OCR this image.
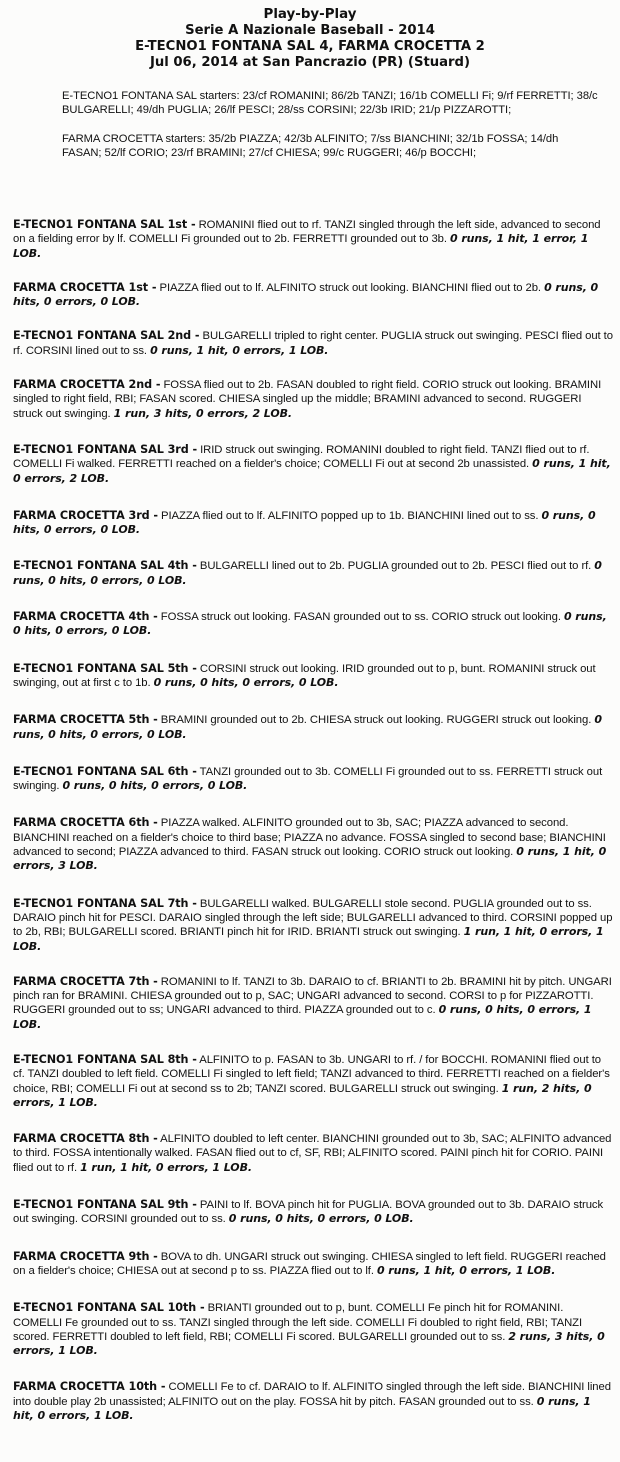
Play-by-Play
Serie A Nazionale Baseball - 2014
E-TECNO1 FONTANA SAL 4, FARMA CROCETTA 2
Jul 06, 2014 at San Pancrazio (PR) (Stuard)
E-TECNO1 FONTANA SAL starters: 23/cf ROMANINI; 86/2b TANZI; 16/1b COMELLI Fi; 9/rf FERRETTI; 38/c BULGARELLI; 49/dh PUGLIA; 26/lf PESCI; 28/ss CORSINI; 22/3b IRID; 21/p PIZZAROTTI;
FARMA CROCETTA starters: 35/2b PIAZZA; 42/3b ALFINITO; 7/ss BIANCHINI; 32/1b FOSSA; 14/dh FASAN; 52/lf CORIO; 23/rf BRAMINI; 27/cf CHIESA; 99/c RUGGERI; 46/p BOCCHI;
E-TECNO1 FONTANA SAL 1st - ROMANINI flied out to rf. TANZI singled through the left side, advanced to second on a fielding error by lf. COMELLI Fi grounded out to 2b. FERRETTI grounded out to 3b. 0 runs, 1 hit, 1 error, 1 LOB.
FARMA CROCETTA 1st - PIAZZA flied out to lf. ALFINITO struck out looking. BIANCHINI flied out to 2b. 0 runs, 0 hits, 0 errors, 0 LOB.
E-TECNO1 FONTANA SAL 2nd - BULGARELLI tripled to right center. PUGLIA struck out swinging. PESCI flied out to rf. CORSINI lined out to ss. 0 runs, 1 hit, 0 errors, 1 LOB.
FARMA CROCETTA 2nd - FOSSA flied out to 2b. FASAN doubled to right field. CORIO struck out looking. BRAMINI singled to right field, RBI; FASAN scored. CHIESA singled up the middle; BRAMINI advanced to second. RUGGERI struck out swinging. 1 run, 3 hits, 0 errors, 2 LOB.
E-TECNO1 FONTANA SAL 3rd - IRID struck out swinging. ROMANINI doubled to right field. TANZI flied out to rf. COMELLI Fi walked. FERRETTI reached on a fielder's choice; COMELLI Fi out at second 2b unassisted. 0 runs, 1 hit, 0 errors, 2 LOB.
FARMA CROCETTA 3rd - PIAZZA flied out to lf. ALFINITO popped up to 1b. BIANCHINI lined out to ss. 0 runs, 0 hits, 0 errors, 0 LOB.
E-TECNO1 FONTANA SAL 4th - BULGARELLI lined out to 2b. PUGLIA grounded out to 2b. PESCI flied out to rf. 0 runs, 0 hits, 0 errors, 0 LOB.
FARMA CROCETTA 4th - FOSSA struck out looking. FASAN grounded out to ss. CORIO struck out looking. 0 runs, 0 hits, 0 errors, 0 LOB.
E-TECNO1 FONTANA SAL 5th - CORSINI struck out looking. IRID grounded out to p, bunt. ROMANINI struck out swinging, out at first c to 1b. 0 runs, 0 hits, 0 errors, 0 LOB.
FARMA CROCETTA 5th - BRAMINI grounded out to 2b. CHIESA struck out looking. RUGGERI struck out looking. 0 runs, 0 hits, 0 errors, 0 LOB.
E-TECNO1 FONTANA SAL 6th - TANZI grounded out to 3b. COMELLI Fi grounded out to ss. FERRETTI struck out swinging. 0 runs, 0 hits, 0 errors, 0 LOB.
FARMA CROCETTA 6th - PIAZZA walked. ALFINITO grounded out to 3b, SAC; PIAZZA advanced to second. BIANCHINI reached on a fielder's choice to third base; PIAZZA no advance. FOSSA singled to second base; BIANCHINI advanced to second; PIAZZA advanced to third. FASAN struck out looking. CORIO struck out looking. 0 runs, 1 hit, 0 errors, 3 LOB.
E-TECNO1 FONTANA SAL 7th - BULGARELLI walked. BULGARELLI stole second. PUGLIA grounded out to ss. DARAIO pinch hit for PESCI. DARAIO singled through the left side; BULGARELLI advanced to third. CORSINI popped up to 2b, RBI; BULGARELLI scored. BRIANTI pinch hit for IRID. BRIANTI struck out swinging. 1 run, 1 hit, 0 errors, 1 LOB.
FARMA CROCETTA 7th - ROMANINI to lf. TANZI to 3b. DARAIO to cf. BRIANTI to 2b. BRAMINI hit by pitch. UNGARI pinch ran for BRAMINI. CHIESA grounded out to p, SAC; UNGARI advanced to second. CORSI to p for PIZZAROTTI. RUGGERI grounded out to ss; UNGARI advanced to third. PIAZZA grounded out to c. 0 runs, 0 hits, 0 errors, 1 LOB.
E-TECNO1 FONTANA SAL 8th - ALFINITO to p. FASAN to 3b. UNGARI to rf. / for BOCCHI. ROMANINI flied out to cf. TANZI doubled to left field. COMELLI Fi singled to left field; TANZI advanced to third. FERRETTI reached on a fielder's choice, RBI; COMELLI Fi out at second ss to 2b; TANZI scored. BULGARELLI struck out swinging. 1 run, 2 hits, 0 errors, 1 LOB.
FARMA CROCETTA 8th - ALFINITO doubled to left center. BIANCHINI grounded out to 3b, SAC; ALFINITO advanced to third. FOSSA intentionally walked. FASAN flied out to cf, SF, RBI; ALFINITO scored. PAINI pinch hit for CORIO. PAINI flied out to rf. 1 run, 1 hit, 0 errors, 1 LOB.
E-TECNO1 FONTANA SAL 9th - PAINI to lf. BOVA pinch hit for PUGLIA. BOVA grounded out to 3b. DARAIO struck out swinging. CORSINI grounded out to ss. 0 runs, 0 hits, 0 errors, 0 LOB.
FARMA CROCETTA 9th - BOVA to dh. UNGARI struck out swinging. CHIESA singled to left field. RUGGERI reached on a fielder's choice; CHIESA out at second p to ss. PIAZZA flied out to lf. 0 runs, 1 hit, 0 errors, 1 LOB.
E-TECNO1 FONTANA SAL 10th - BRIANTI grounded out to p, bunt. COMELLI Fe pinch hit for ROMANINI. COMELLI Fe grounded out to ss. TANZI singled through the left side. COMELLI Fi doubled to right field, RBI; TANZI scored. FERRETTI doubled to left field, RBI; COMELLI Fi scored. BULGARELLI grounded out to ss. 2 runs, 3 hits, 0 errors, 1 LOB.
FARMA CROCETTA 10th - COMELLI Fe to cf. DARAIO to lf. ALFINITO singled through the left side. BIANCHINI lined into double play 2b unassisted; ALFINITO out on the play. FOSSA hit by pitch. FASAN grounded out to ss. 0 runs, 1 hit, 0 errors, 1 LOB.
